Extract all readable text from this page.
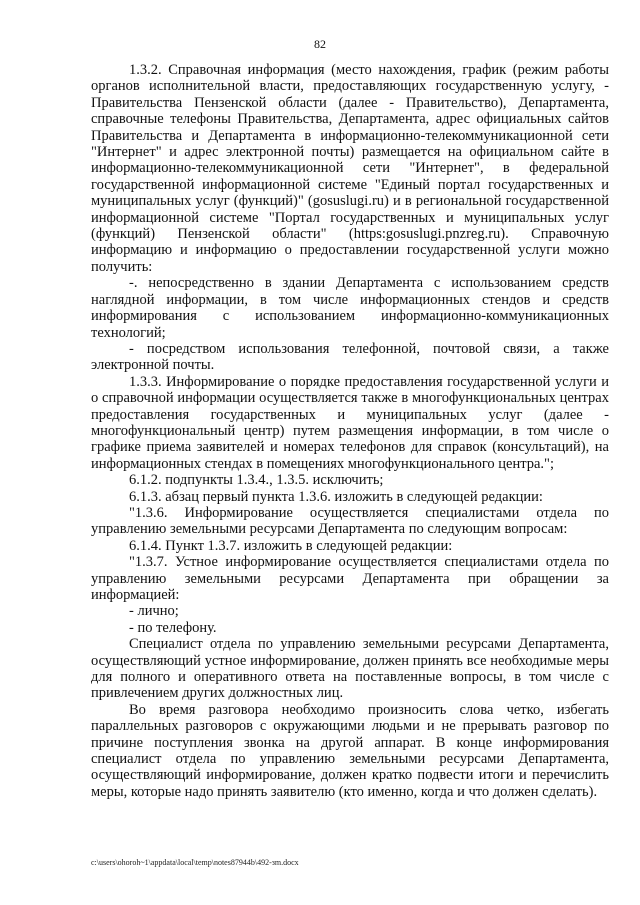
82

1.3.2. Справочная информация (место нахождения, график (режим работы органов исполнительной власти, предоставляющих государственную услугу, - Правительства Пензенской области (далее - Правительство), Департамента, справочные телефоны Правительства, Департамента, адрес официальных сайтов Правительства и Департамента в информационно-телекоммуникационной сети "Интернет" и адрес электронной почты) размещается на официальном сайте в информационно-телекоммуникационной сети "Интернет", в федеральной государственной информационной системе "Единый портал государственных и муниципальных услуг (функций)" (gosuslugi.ru) и в региональной государственной информационной системе "Портал государственных и муниципальных услуг (функций) Пензенской области" (https:gosuslugi.pnzreg.ru). Справочную информацию и информацию о предоставлении государственной услуги можно получить:

-. непосредственно в здании Департамента с использованием средств наглядной информации, в том числе информационных стендов и средств информирования с использованием информационно-коммуникационных технологий;

- посредством использования телефонной, почтовой связи, а также электронной почты.

1.3.3. Информирование о порядке предоставления государственной услуги и о справочной информации осуществляется также в многофункциональных центрах предоставления государственных и муниципальных услуг (далее - многофункциональный центр) путем размещения информации, в том числе о графике приема заявителей и номерах телефонов для справок (консультаций), на информационных стендах в помещениях многофункционального центра.";

6.1.2. подпункты 1.3.4., 1.3.5. исключить;

6.1.3. абзац первый пункта 1.3.6. изложить в следующей редакции:

"1.3.6. Информирование осуществляется специалистами отдела по управлению земельными ресурсами Департамента по следующим вопросам:

6.1.4. Пункт 1.3.7. изложить в следующей редакции:

"1.3.7. Устное информирование осуществляется специалистами отдела по управлению земельными ресурсами Департамента при обращении за информацией:

- лично;

- по телефону.

Специалист отдела по управлению земельными ресурсами Департамента, осуществляющий устное информирование, должен принять все необходимые меры для полного и оперативного ответа на поставленные вопросы, в том числе с привлечением других должностных лиц.

Во время разговора необходимо произносить слова четко, избегать параллельных разговоров с окружающими людьми и не прерывать разговор по причине поступления звонка на другой аппарат. В конце информирования специалист отдела по управлению земельными ресурсами Департамента, осуществляющий информирование, должен кратко подвести итоги и перечислить меры, которые надо принять заявителю (кто именно, когда и что должен сделать).

c:\users\ohoroh~1\appdata\local\temp\notes87944b\492-зm.docx
